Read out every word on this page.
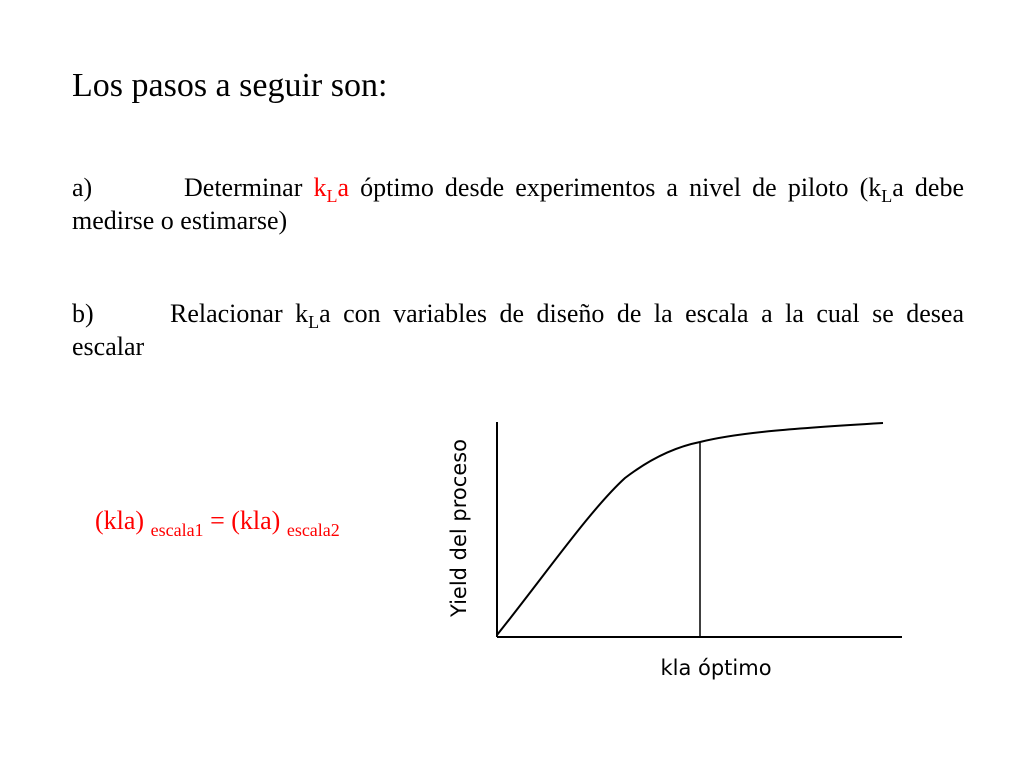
Los pasos a seguir son:
a)	Determinar $k_La$ óptimo desde experimentos a nivel de piloto ($k_La$ debe medirse o estimarse)
b)	Relacionar $k_La$ con variables de diseño de la escala a la cual se desea escalar
(kla) $_{escala1}$ = (kla) $_{escala2}$	Yield del proceso
kla óptimo
